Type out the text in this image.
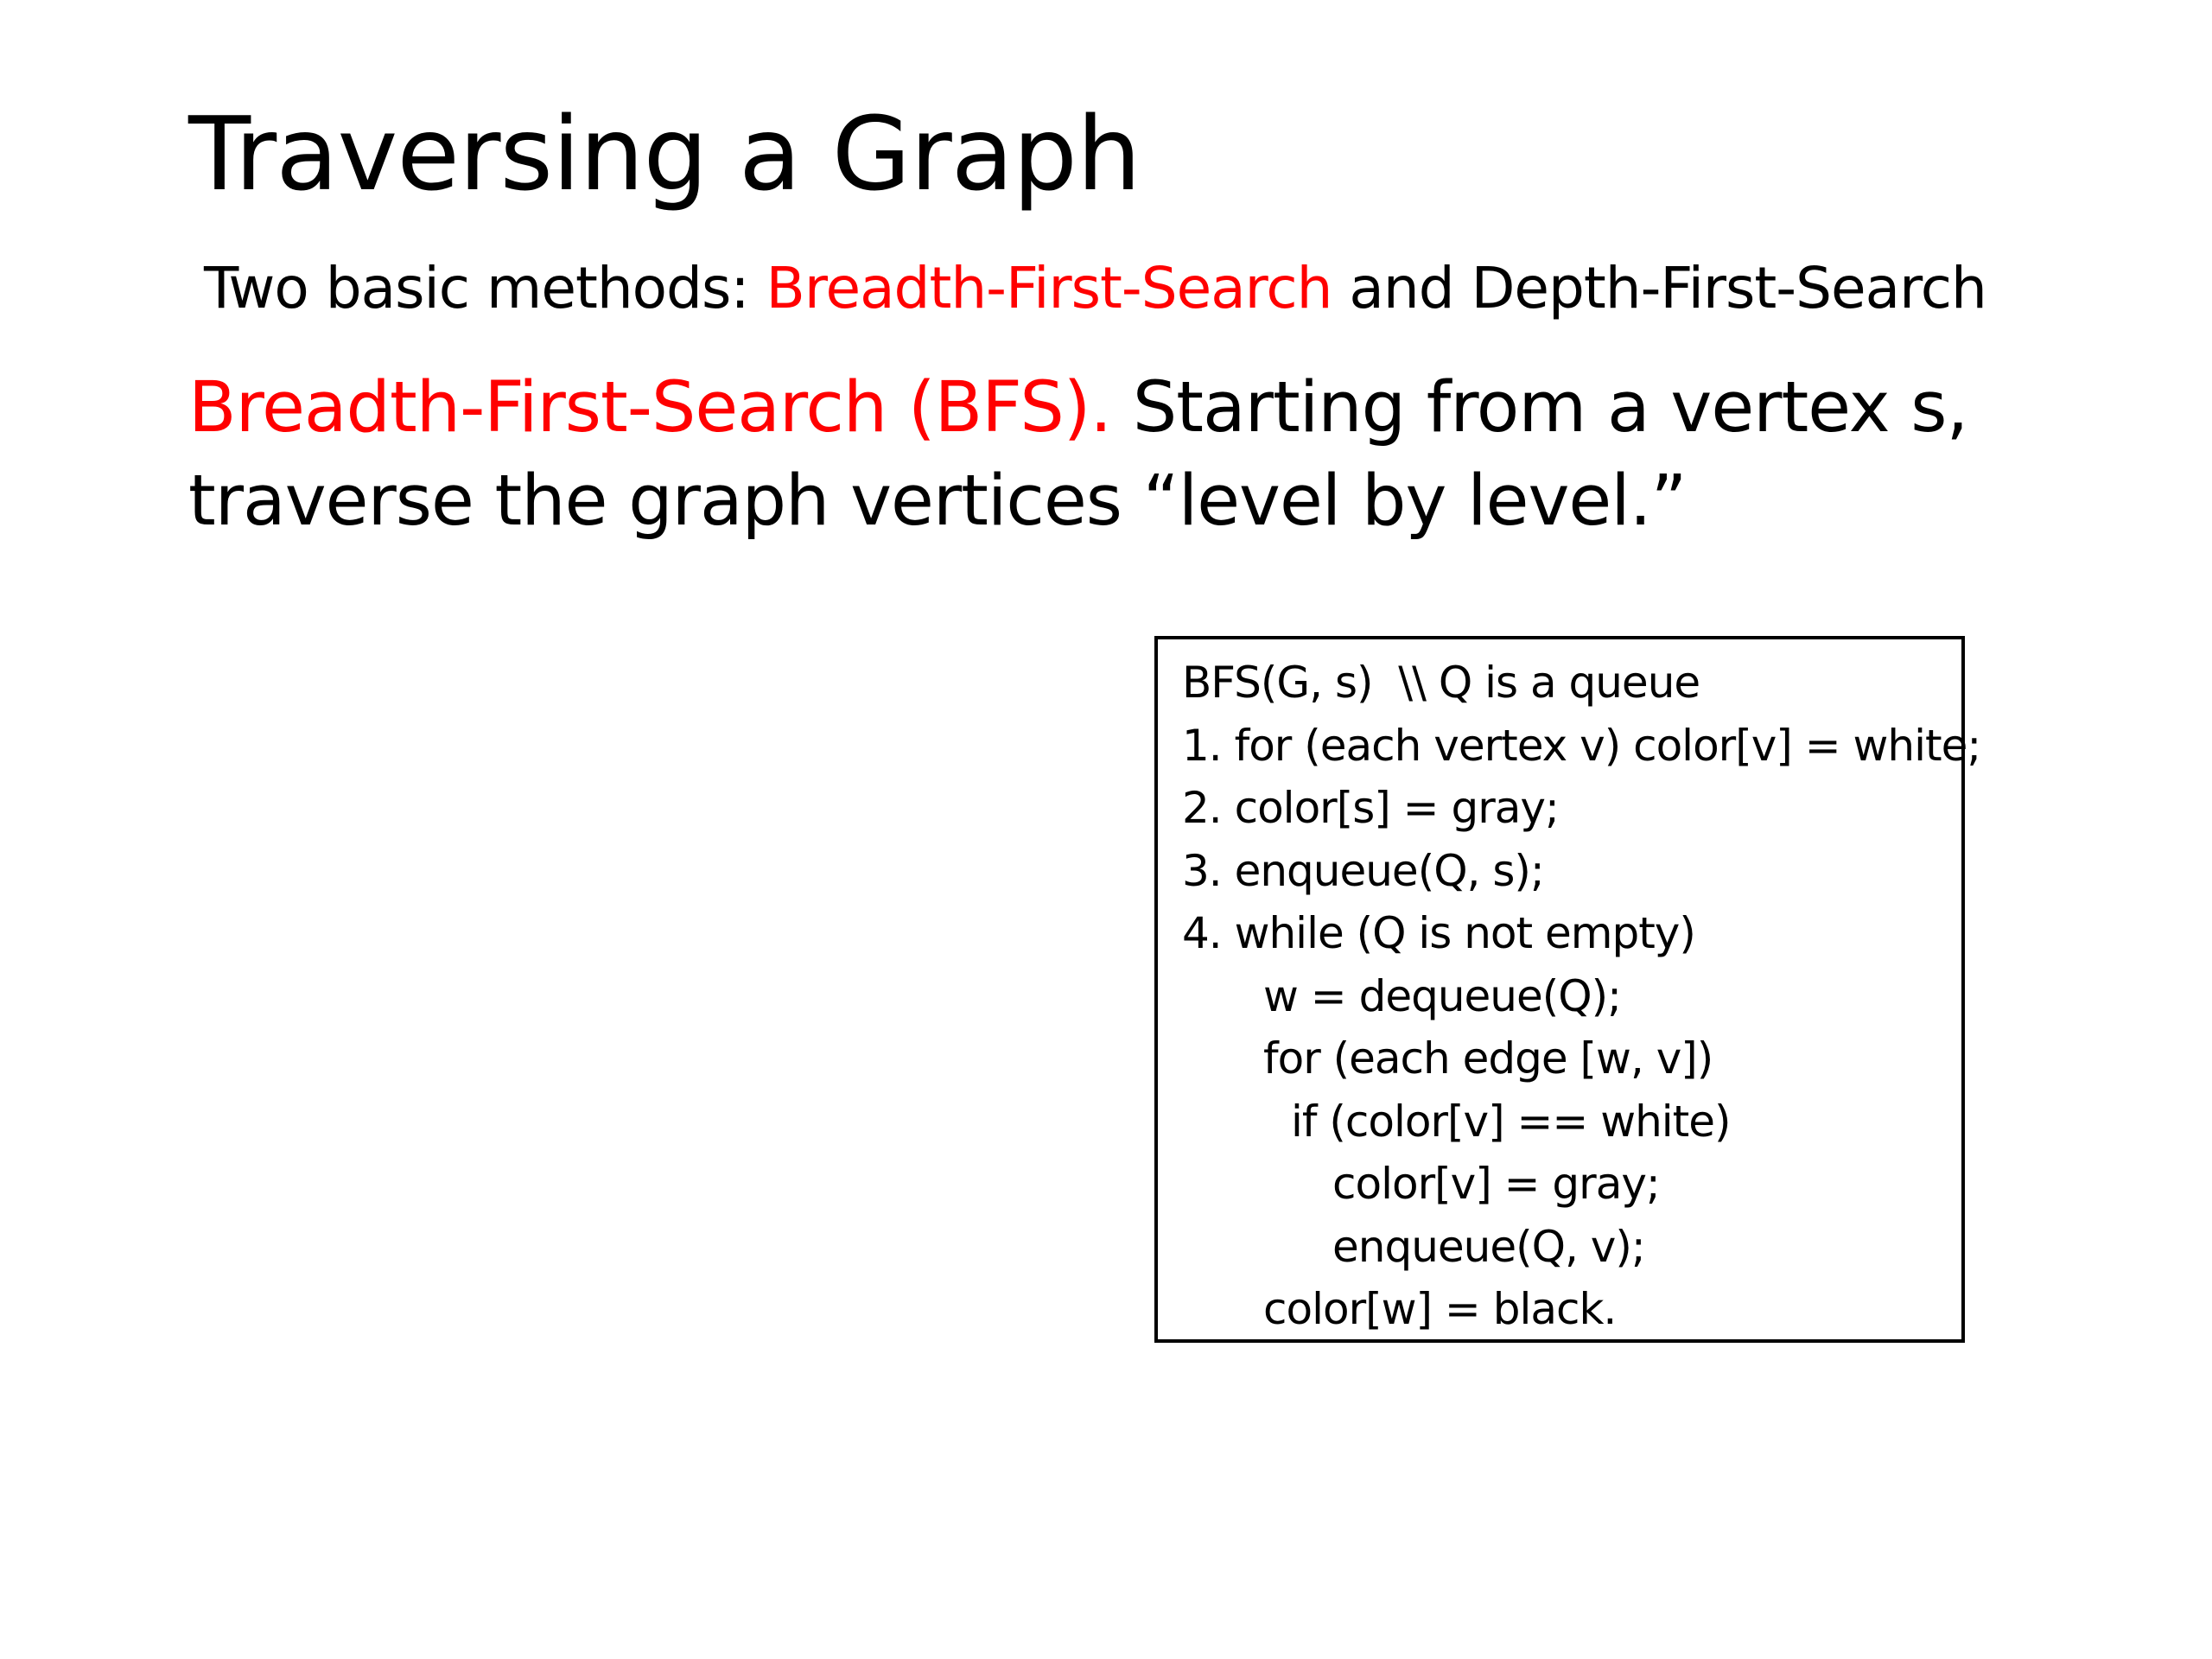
Traversing a Graph
Two basic methods: Breadth-First-Search and Depth-First-Search
Breadth-First-Search (BFS). Starting from a vertex s, traverse the graph vertices “level by level.”
BFS(G, s)  \\ Q is a queue
1. for (each vertex v) color[v] = white;
2. color[s] = gray;
3. enqueue(Q, s);
4. while (Q is not empty)
w = dequeue(Q);
for (each edge [w, v])
if (color[v] == white)
color[v] = gray;
enqueue(Q, v);
color[w] = black.
